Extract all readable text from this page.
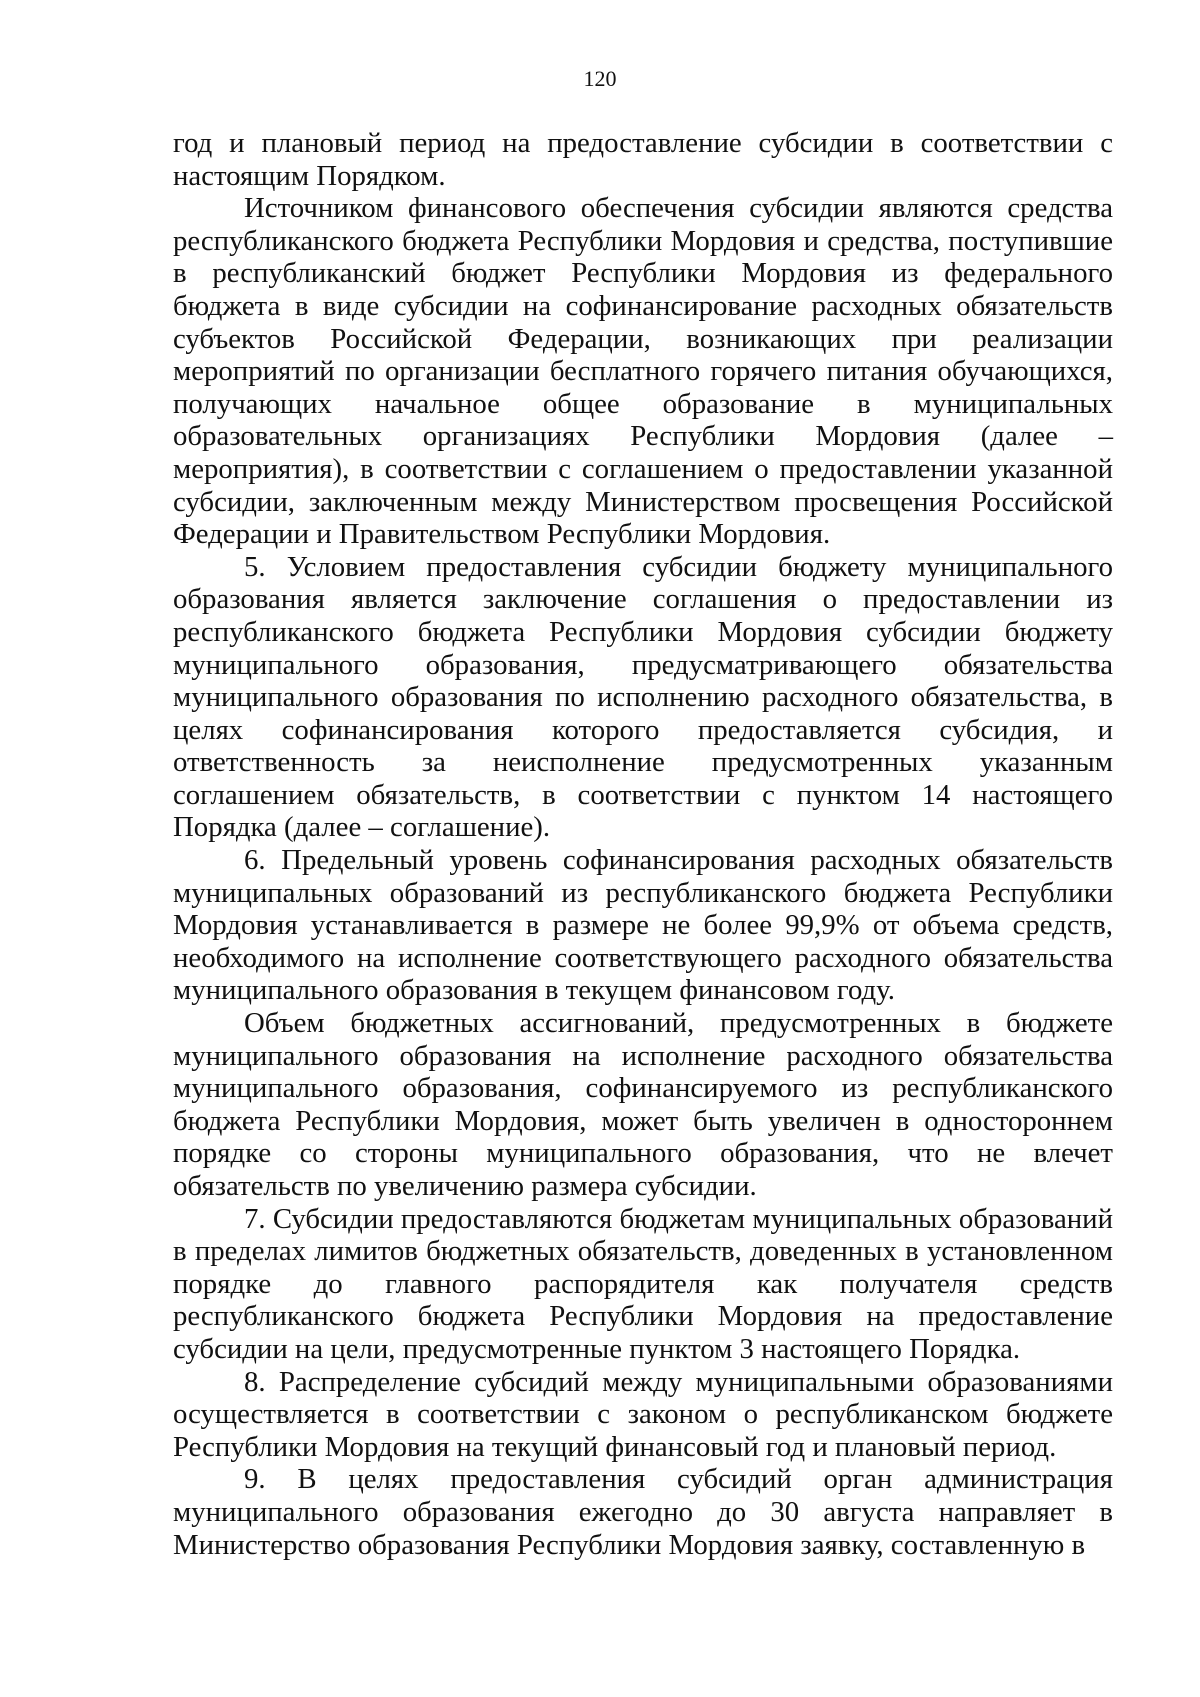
120

год и плановый период на предоставление субсидии в соответствии с настоящим Порядком.

Источником финансового обеспечения субсидии являются средства республиканского бюджета Республики Мордовия и средства, поступившие в республиканский бюджет Республики Мордовия из федерального бюджета в виде субсидии на софинансирование расходных обязательств субъектов Российской Федерации, возникающих при реализации мероприятий по организации бесплатного горячего питания обучающихся, получающих начальное общее образование в муниципальных образовательных организациях Республики Мордовия (далее – мероприятия), в соответствии с соглашением о предоставлении указанной субсидии, заключенным между Министерством просвещения Российской Федерации и Правительством Республики Мордовия.

5. Условием предоставления субсидии бюджету муниципального образования является заключение соглашения о предоставлении из республиканского бюджета Республики Мордовия субсидии бюджету муниципального образования, предусматривающего обязательства муниципального образования по исполнению расходного обязательства, в целях софинансирования которого предоставляется субсидия, и ответственность за неисполнение предусмотренных указанным соглашением обязательств, в соответствии с пунктом 14 настоящего Порядка (далее – соглашение).

6. Предельный уровень софинансирования расходных обязательств муниципальных образований из республиканского бюджета Республики Мордовия устанавливается в размере не более 99,9% от объема средств, необходимого на исполнение соответствующего расходного обязательства муниципального образования в текущем финансовом году.

Объем бюджетных ассигнований, предусмотренных в бюджете муниципального образования на исполнение расходного обязательства муниципального образования, софинансируемого из республиканского бюджета Республики Мордовия, может быть увеличен в одностороннем порядке со стороны муниципального образования, что не влечет обязательств по увеличению размера субсидии.

7. Субсидии предоставляются бюджетам муниципальных образований в пределах лимитов бюджетных обязательств, доведенных в установленном порядке до главного распорядителя как получателя средств республиканского бюджета Республики Мордовия на предоставление субсидии на цели, предусмотренные пунктом 3 настоящего Порядка.

8. Распределение субсидий между муниципальными образованиями осуществляется в соответствии с законом о республиканском бюджете Республики Мордовия на текущий финансовый год и плановый период.

9. В целях предоставления субсидий орган администрация муниципального образования ежегодно до 30 августа направляет в Министерство образования Республики Мордовия заявку, составленную в
